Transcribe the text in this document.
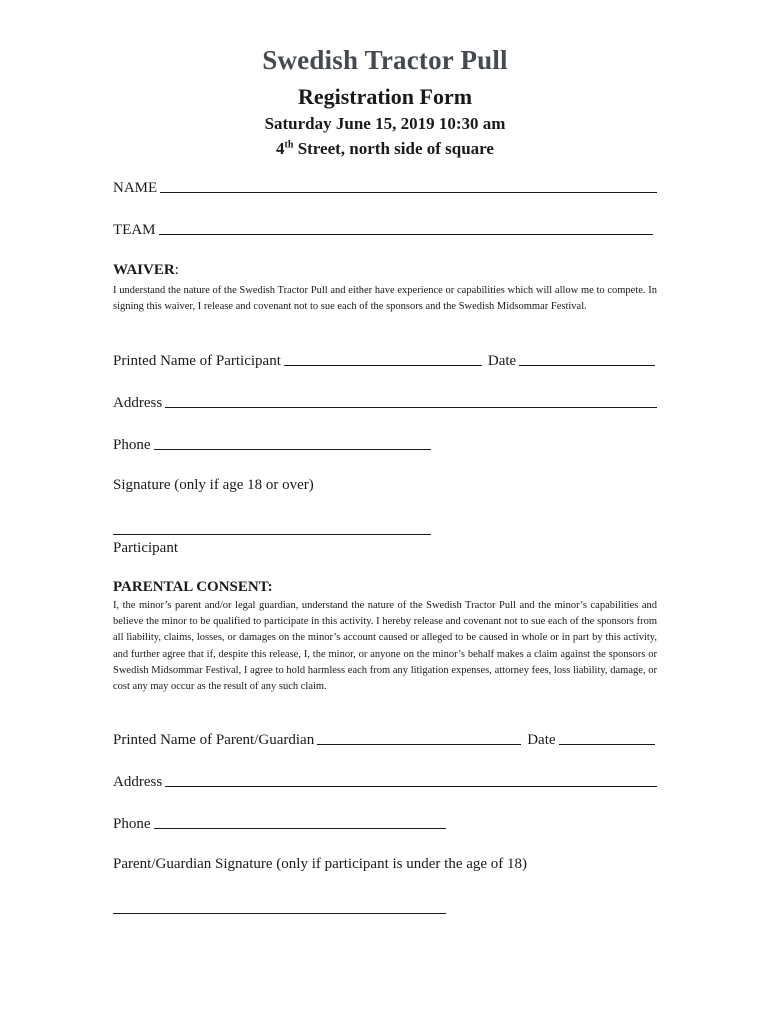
Swedish Tractor Pull
Registration Form
Saturday June 15, 2019 10:30 am
4th Street, north side of square
NAME
TEAM
WAIVER:
I understand the nature of the Swedish Tractor Pull and either have experience or capabilities which will allow me to compete. In signing this waiver, I release and covenant not to sue each of the sponsors and the Swedish Midsommar Festival.
Printed Name of Participant	Date
Address
Phone
Signature (only if age 18 or over)
Participant
PARENTAL CONSENT:
I, the minor’s parent and/or legal guardian, understand the nature of the Swedish Tractor Pull and the minor’s capabilities and believe the minor to be qualified to participate in this activity. I hereby release and covenant not to sue each of the sponsors from all liability, claims, losses, or damages on the minor’s account caused or alleged to be caused in whole or in part by this activity, and further agree that if, despite this release, I, the minor, or anyone on the minor’s behalf makes a claim against the sponsors or Swedish Midsommar Festival, I agree to hold harmless each from any litigation expenses, attorney fees, loss liability, damage, or cost any may occur as the result of any such claim.
Printed Name of Parent/Guardian	Date
Address
Phone
Parent/Guardian Signature (only if participant is under the age of 18)
